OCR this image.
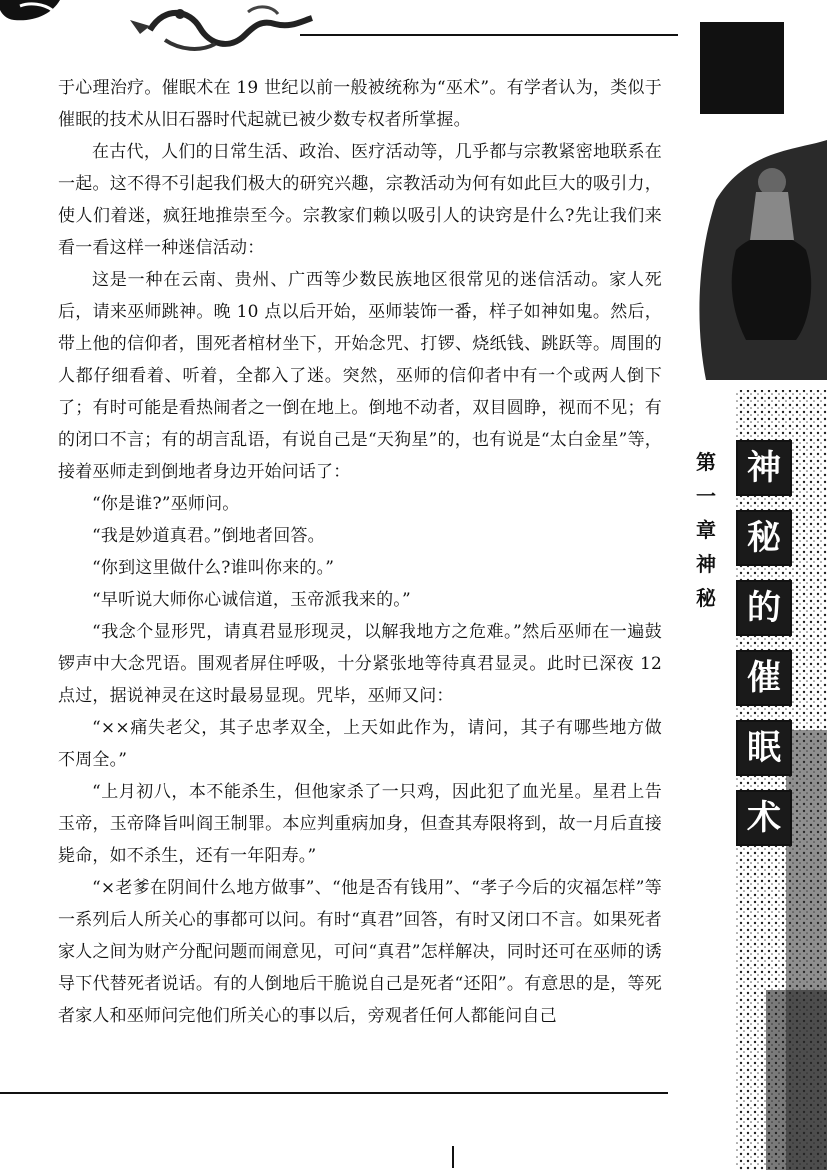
第
一
章
神
秘
神
秘
的
催
眠
术

于心理治疗。催眠术在 19 世纪以前一般被统称为“巫术”。有学者认为，类似于催眠的技术从旧石器时代起就已被少数专权者所掌握。

在古代，人们的日常生活、政治、医疗活动等，几乎都与宗教紧密地联系在一起。这不得不引起我们极大的研究兴趣，宗教活动为何有如此巨大的吸引力，使人们着迷，疯狂地推崇至今。宗教家们赖以吸引人的诀窍是什么?先让我们来看一看这样一种迷信活动：

这是一种在云南、贵州、广西等少数民族地区很常见的迷信活动。家人死后，请来巫师跳神。晚 10 点以后开始，巫师装饰一番，样子如神如鬼。然后，带上他的信仰者，围死者棺材坐下，开始念咒、打锣、烧纸钱、跳跃等。周围的人都仔细看着、听着，全都入了迷。突然，巫师的信仰者中有一个或两人倒下了；有时可能是看热闹者之一倒在地上。倒地不动者，双目圆睁，视而不见；有的闭口不言；有的胡言乱语，有说自己是“天狗星”的，也有说是“太白金星”等，接着巫师走到倒地者身边开始问话了：

“你是谁?”巫师问。

“我是妙道真君。”倒地者回答。

“你到这里做什么?谁叫你来的。”

“早听说大师你心诚信道，玉帝派我来的。”

“我念个显形咒，请真君显形现灵，以解我地方之危难。”然后巫师在一遍鼓锣声中大念咒语。围观者屏住呼吸，十分紧张地等待真君显灵。此时已深夜 12 点过，据说神灵在这时最易显现。咒毕，巫师又问：

“××痛失老父，其子忠孝双全，上天如此作为，请问，其子有哪些地方做不周全。”

“上月初八，本不能杀生，但他家杀了一只鸡，因此犯了血光星。星君上告玉帝，玉帝降旨叫阎王制罪。本应判重病加身，但查其寿限将到，故一月后直接毙命，如不杀生，还有一年阳寿。”

“×老爹在阴间什么地方做事”、“他是否有钱用”、“孝子今后的灾福怎样”等一系列后人所关心的事都可以问。有时“真君”回答，有时又闭口不言。如果死者家人之间为财产分配问题而闹意见，可问“真君”怎样解决，同时还可在巫师的诱导下代替死者说话。有的人倒地后干脆说自己是死者“还阳”。有意思的是，等死者家人和巫师问完他们所关心的事以后，旁观者任何人都能问自己
